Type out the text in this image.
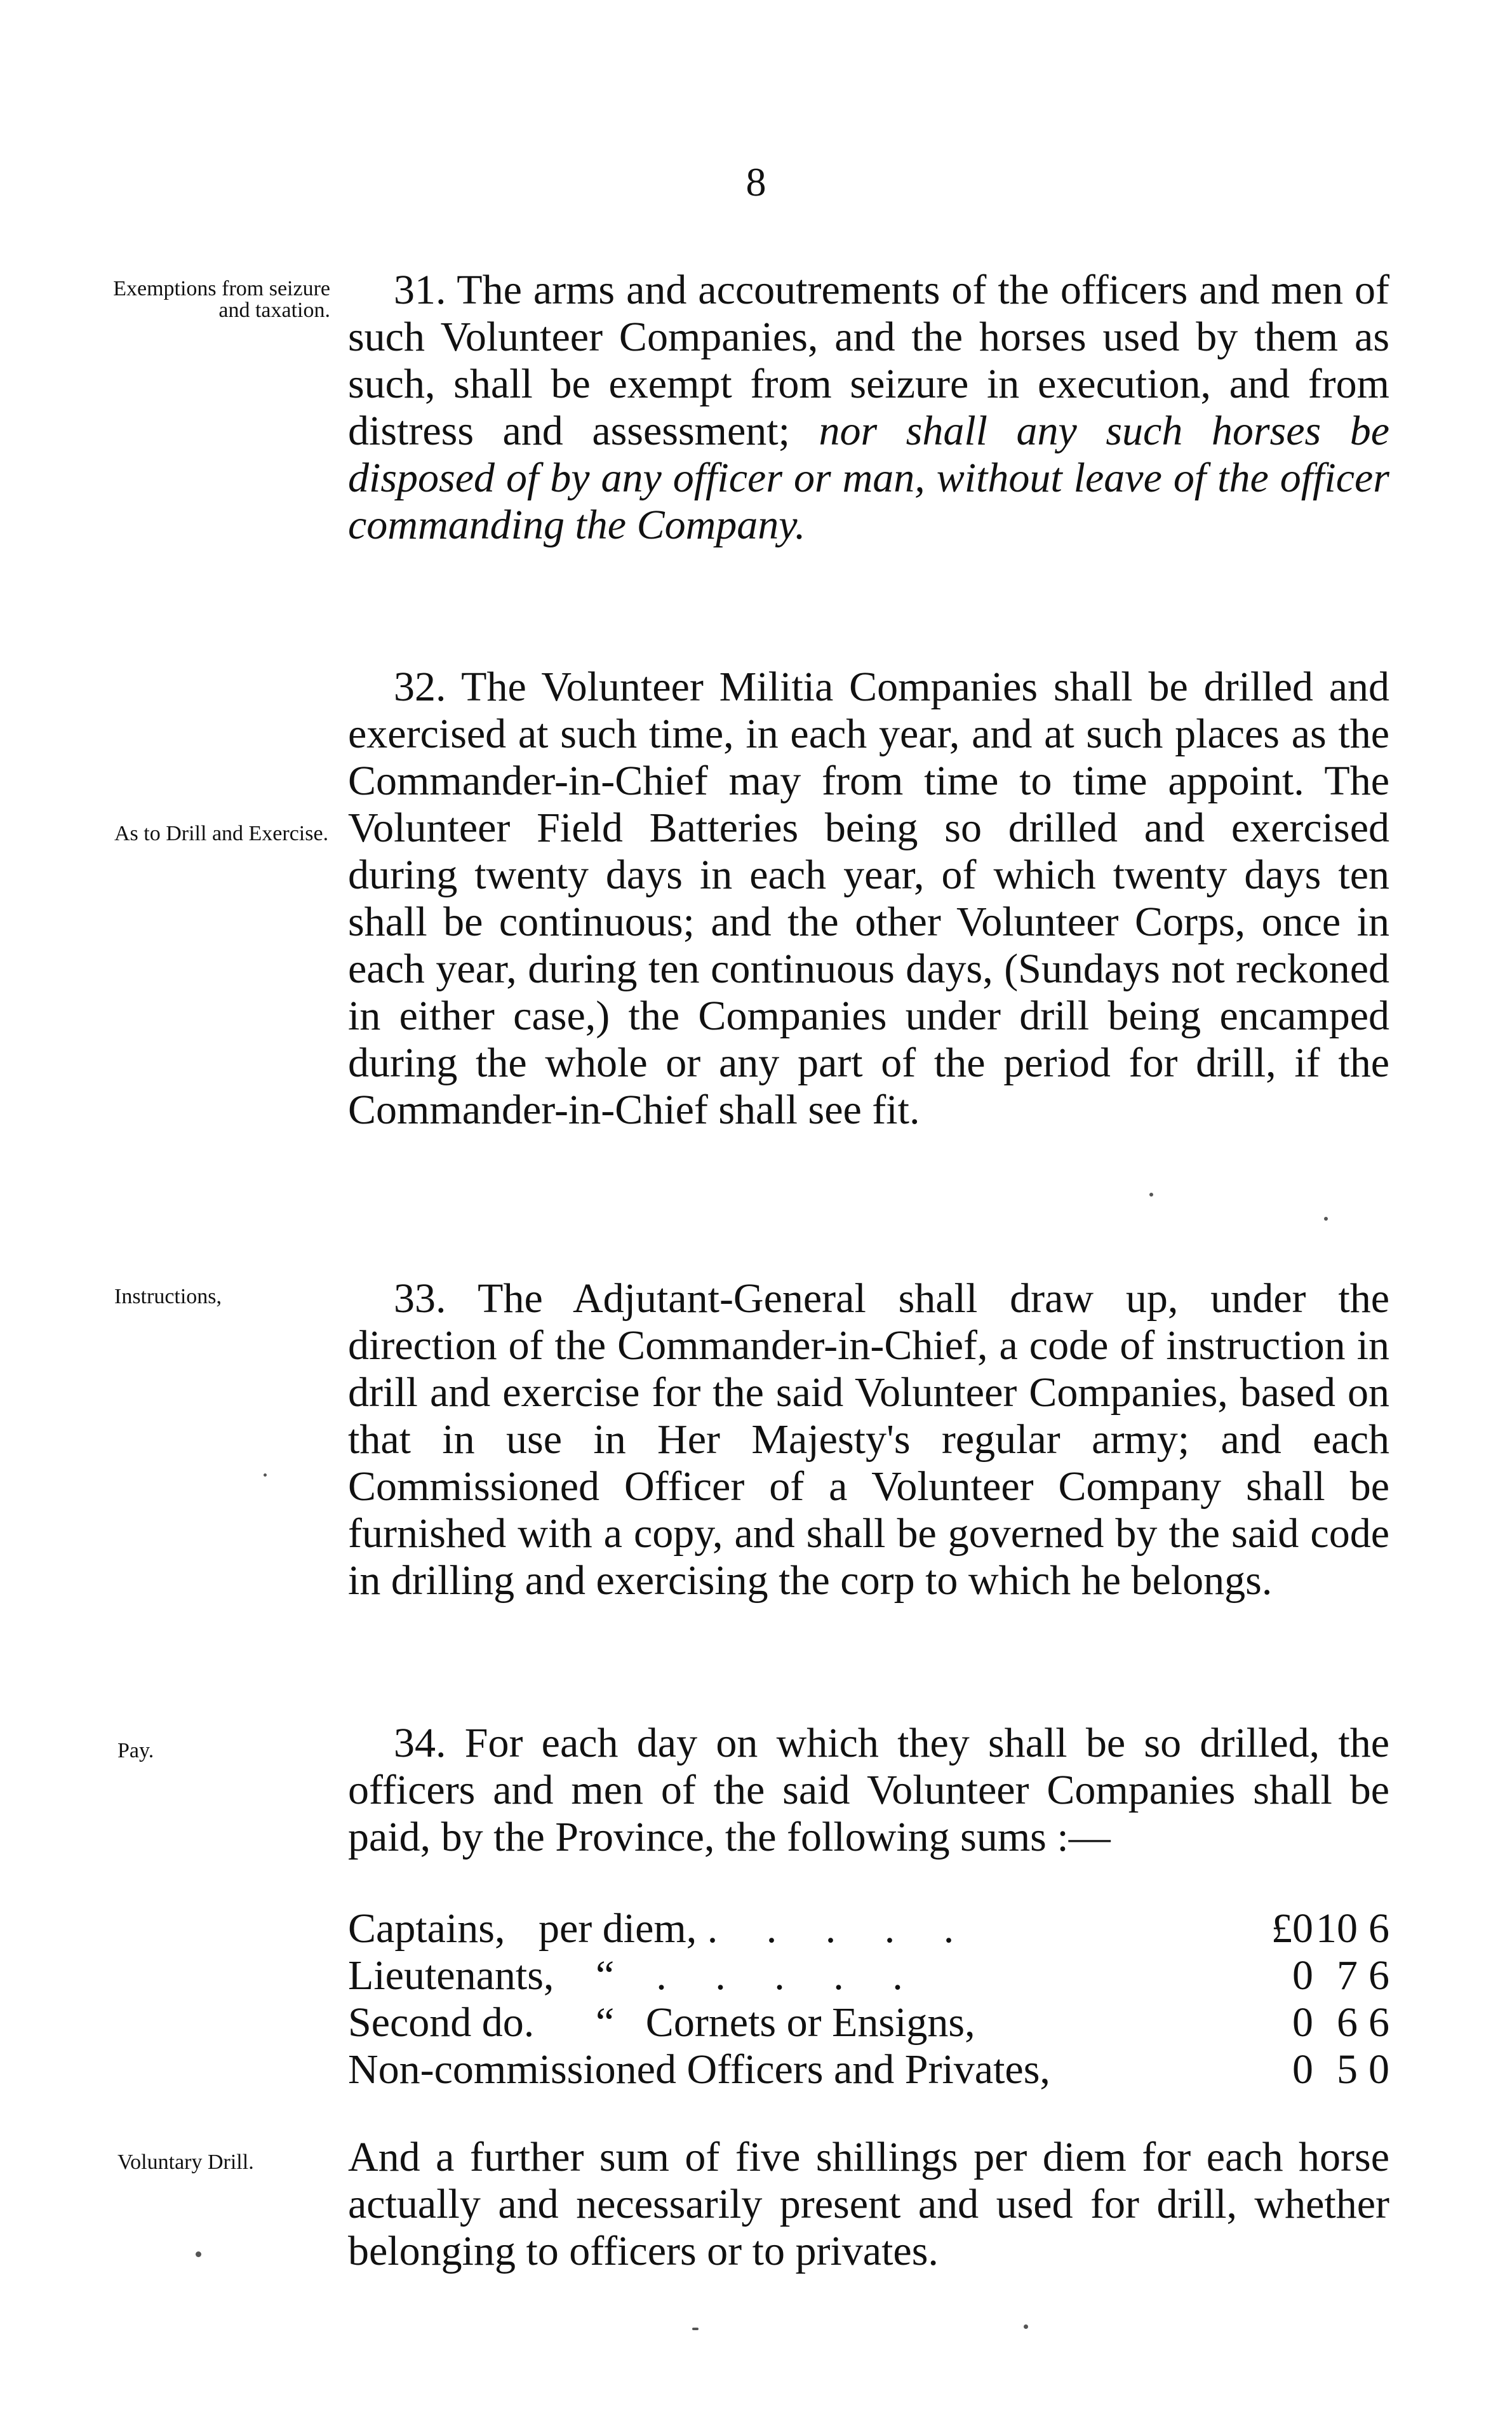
8
Exemptions from seizure and taxation.	31. The arms and accoutrements of the officers and men of such Volunteer Companies, and the horses used by them as such, shall be exempt from seizure in execution, and from distress and assessment; nor shall any such horses be disposed of by any officer or man, without leave of the officer commanding the Company.

As to Drill and Exercise.

32. The Volunteer Militia Companies shall be drilled and exercised at such time, in each year, and at such places as the Commander-in-Chief may from time to time appoint. The Volunteer Field Batteries being so drilled and exercised during twenty days in each year, of which twenty days ten shall be continuous; and the other Volunteer Corps, once in each year, during ten continuous days, (Sundays not reckoned in either case,) the Companies under drill being encamped during the whole or any part of the period for drill, if the Commander-in-Chief shall see fit.

Instructions,	33. The Adjutant-General shall draw up, under the direction of the Commander-in-Chief, a code of instruction in drill and exercise for the said Volunteer Companies, based on that in use in Her Majesty's regular army; and each Commissioned Officer of a Volunteer Company shall be furnished with a copy, and shall be governed by the said code in drilling and exercising the corp to which he belongs.

Pay.	34. For each day on which they shall be so drilled, the officers and men of the said Volunteer Companies shall be paid, by the Province, the following sums :—

Captains, per diem, . . . . .	£0 10 6
Lieutenants, “ . . . . .	0 7 6
Second do.	“ Cornets or Ensigns,	0 6 6
Non-commissioned Officers and Privates,	0 5 0
Voluntary Drill.	And a further sum of five shillings per diem for each horse actually and necessarily present and used for drill, whether belonging to officers or to privates.
